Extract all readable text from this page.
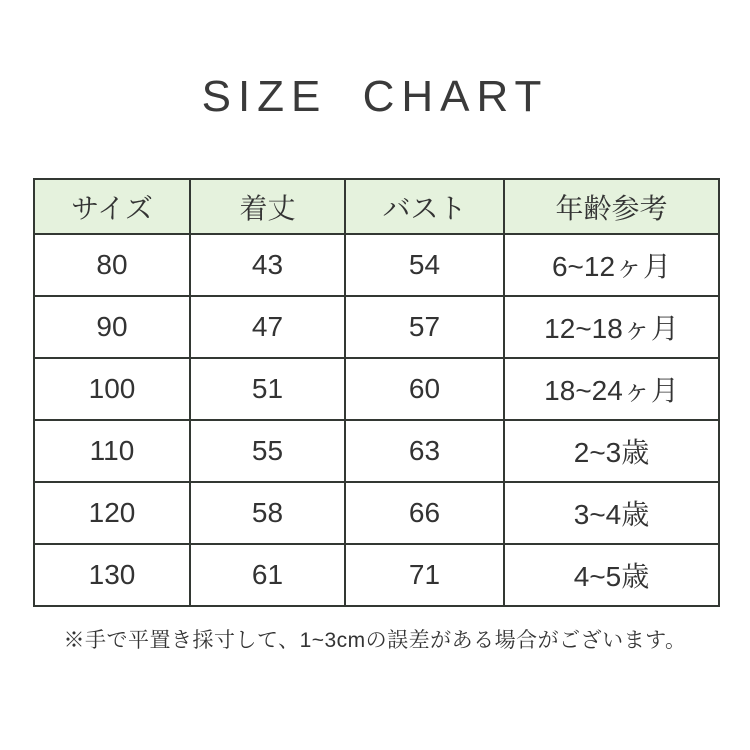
SIZE CHART
サイズ	着丈	バスト	年齢参考
80	43	54	6~12ヶ月
90	47	57	12~18ヶ月
100	51	60	18~24ヶ月
110	55	63	2~3歳
120	58	66	3~4歳
130	61	71	4~5歳
※手で平置き採寸して、1~3cmの誤差がある場合がございます。
